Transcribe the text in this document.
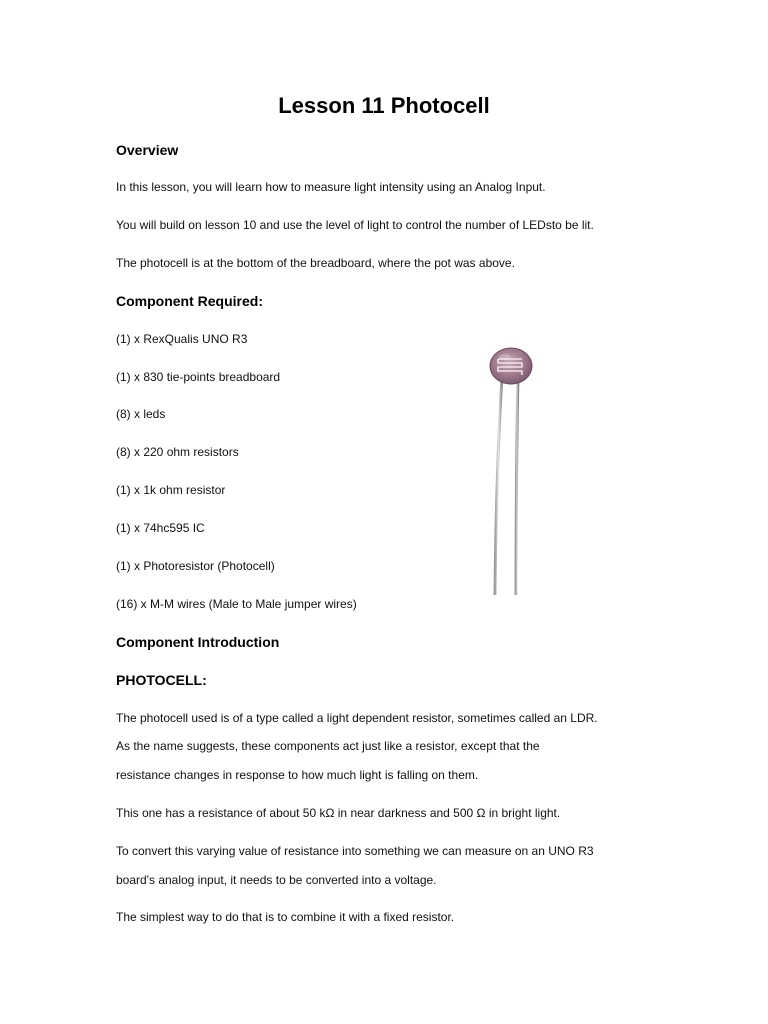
Lesson 11 Photocell
Overview
In this lesson, you will learn how to measure light intensity using an Analog Input.
You will build on lesson 10 and use the level of light to control the number of LEDsto be lit.
The photocell is at the bottom of the breadboard, where the pot was above.
Component Required:
(1) x RexQualis UNO R3
(1) x 830 tie-points breadboard
(8) x leds
(8) x 220 ohm resistors
(1) x 1k ohm resistor
(1) x 74hc595 IC
(1) x Photoresistor (Photocell)
(16) x M-M wires (Male to Male jumper wires)
Component Introduction
PHOTOCELL:
The photocell used is of a type called a light dependent resistor, sometimes called an LDR.
As the name suggests, these components act just like a resistor, except that the
resistance changes in response to how much light is falling on them.
This one has a resistance of about 50 kΩ in near darkness and 500 Ω in bright light.
To convert this varying value of resistance into something we can measure on an UNO R3
board's analog input, it needs to be converted into a voltage.
The simplest way to do that is to combine it with a fixed resistor.
